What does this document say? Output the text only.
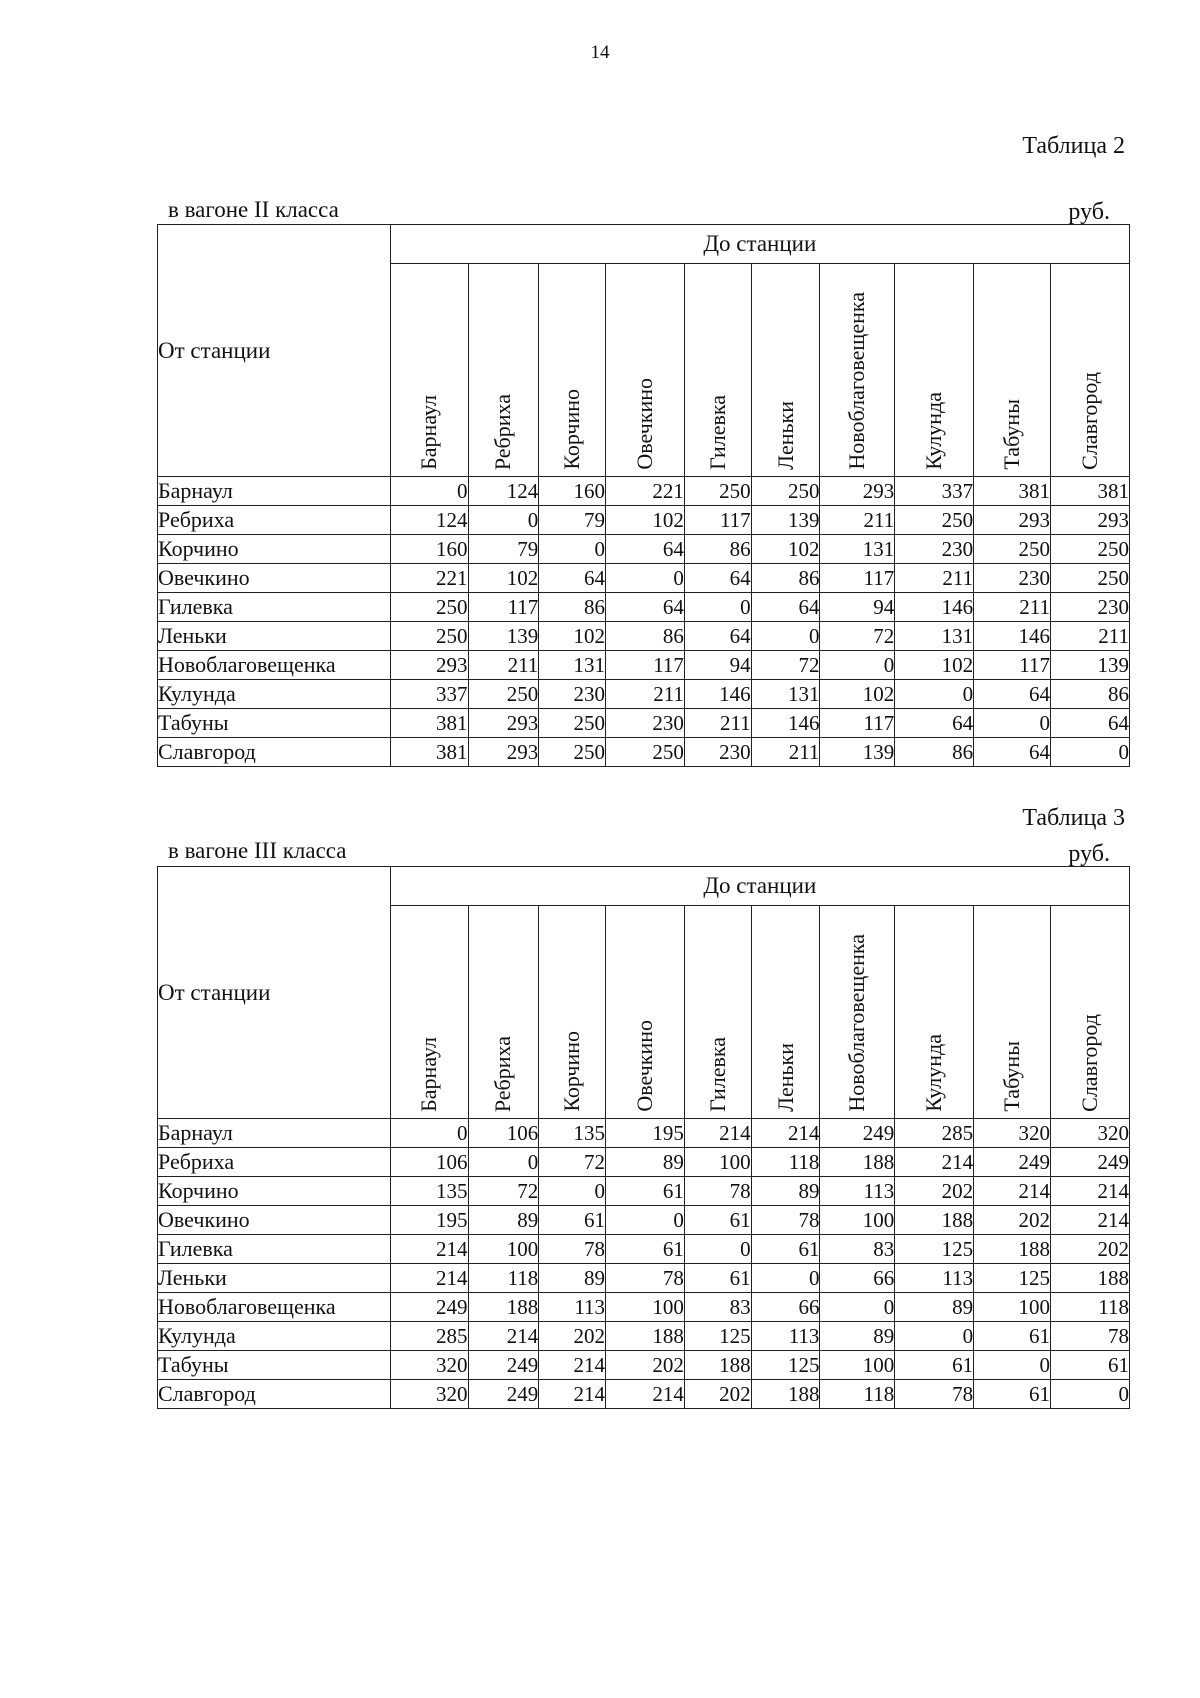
14
Таблица 2
в вагоне II класса	руб.
От станции	До станции									
	Барнаул	Ребриха	Корчино	Овечкино	Гилевка	Леньки	Новоблаговещенка	Кулунда	Табуны	Славгород
Барнаул	0	124	160	221	250	250	293	337	381	381
Ребриха	124	0	79	102	117	139	211	250	293	293
Корчино	160	79	0	64	86	102	131	230	250	250
Овечкино	221	102	64	0	64	86	117	211	230	250
Гилевка	250	117	86	64	0	64	94	146	211	230
Леньки	250	139	102	86	64	0	72	131	146	211
Новоблаговещенка	293	211	131	117	94	72	0	102	117	139
Кулунда	337	250	230	211	146	131	102	0	64	86
Табуны	381	293	250	230	211	146	117	64	0	64
Славгород	381	293	250	250	230	211	139	86	64	0
Таблица 3
в вагоне III класса	руб.
От станции	До станции									
	Барнаул	Ребриха	Корчино	Овечкино	Гилевка	Леньки	Новоблаговещенка	Кулунда	Табуны	Славгород
Барнаул	0	106	135	195	214	214	249	285	320	320
Ребриха	106	0	72	89	100	118	188	214	249	249
Корчино	135	72	0	61	78	89	113	202	214	214
Овечкино	195	89	61	0	61	78	100	188	202	214
Гилевка	214	100	78	61	0	61	83	125	188	202
Леньки	214	118	89	78	61	0	66	113	125	188
Новоблаговещенка	249	188	113	100	83	66	0	89	100	118
Кулунда	285	214	202	188	125	113	89	0	61	78
Табуны	320	249	214	202	188	125	100	61	0	61
Славгород	320	249	214	214	202	188	118	78	61	0
